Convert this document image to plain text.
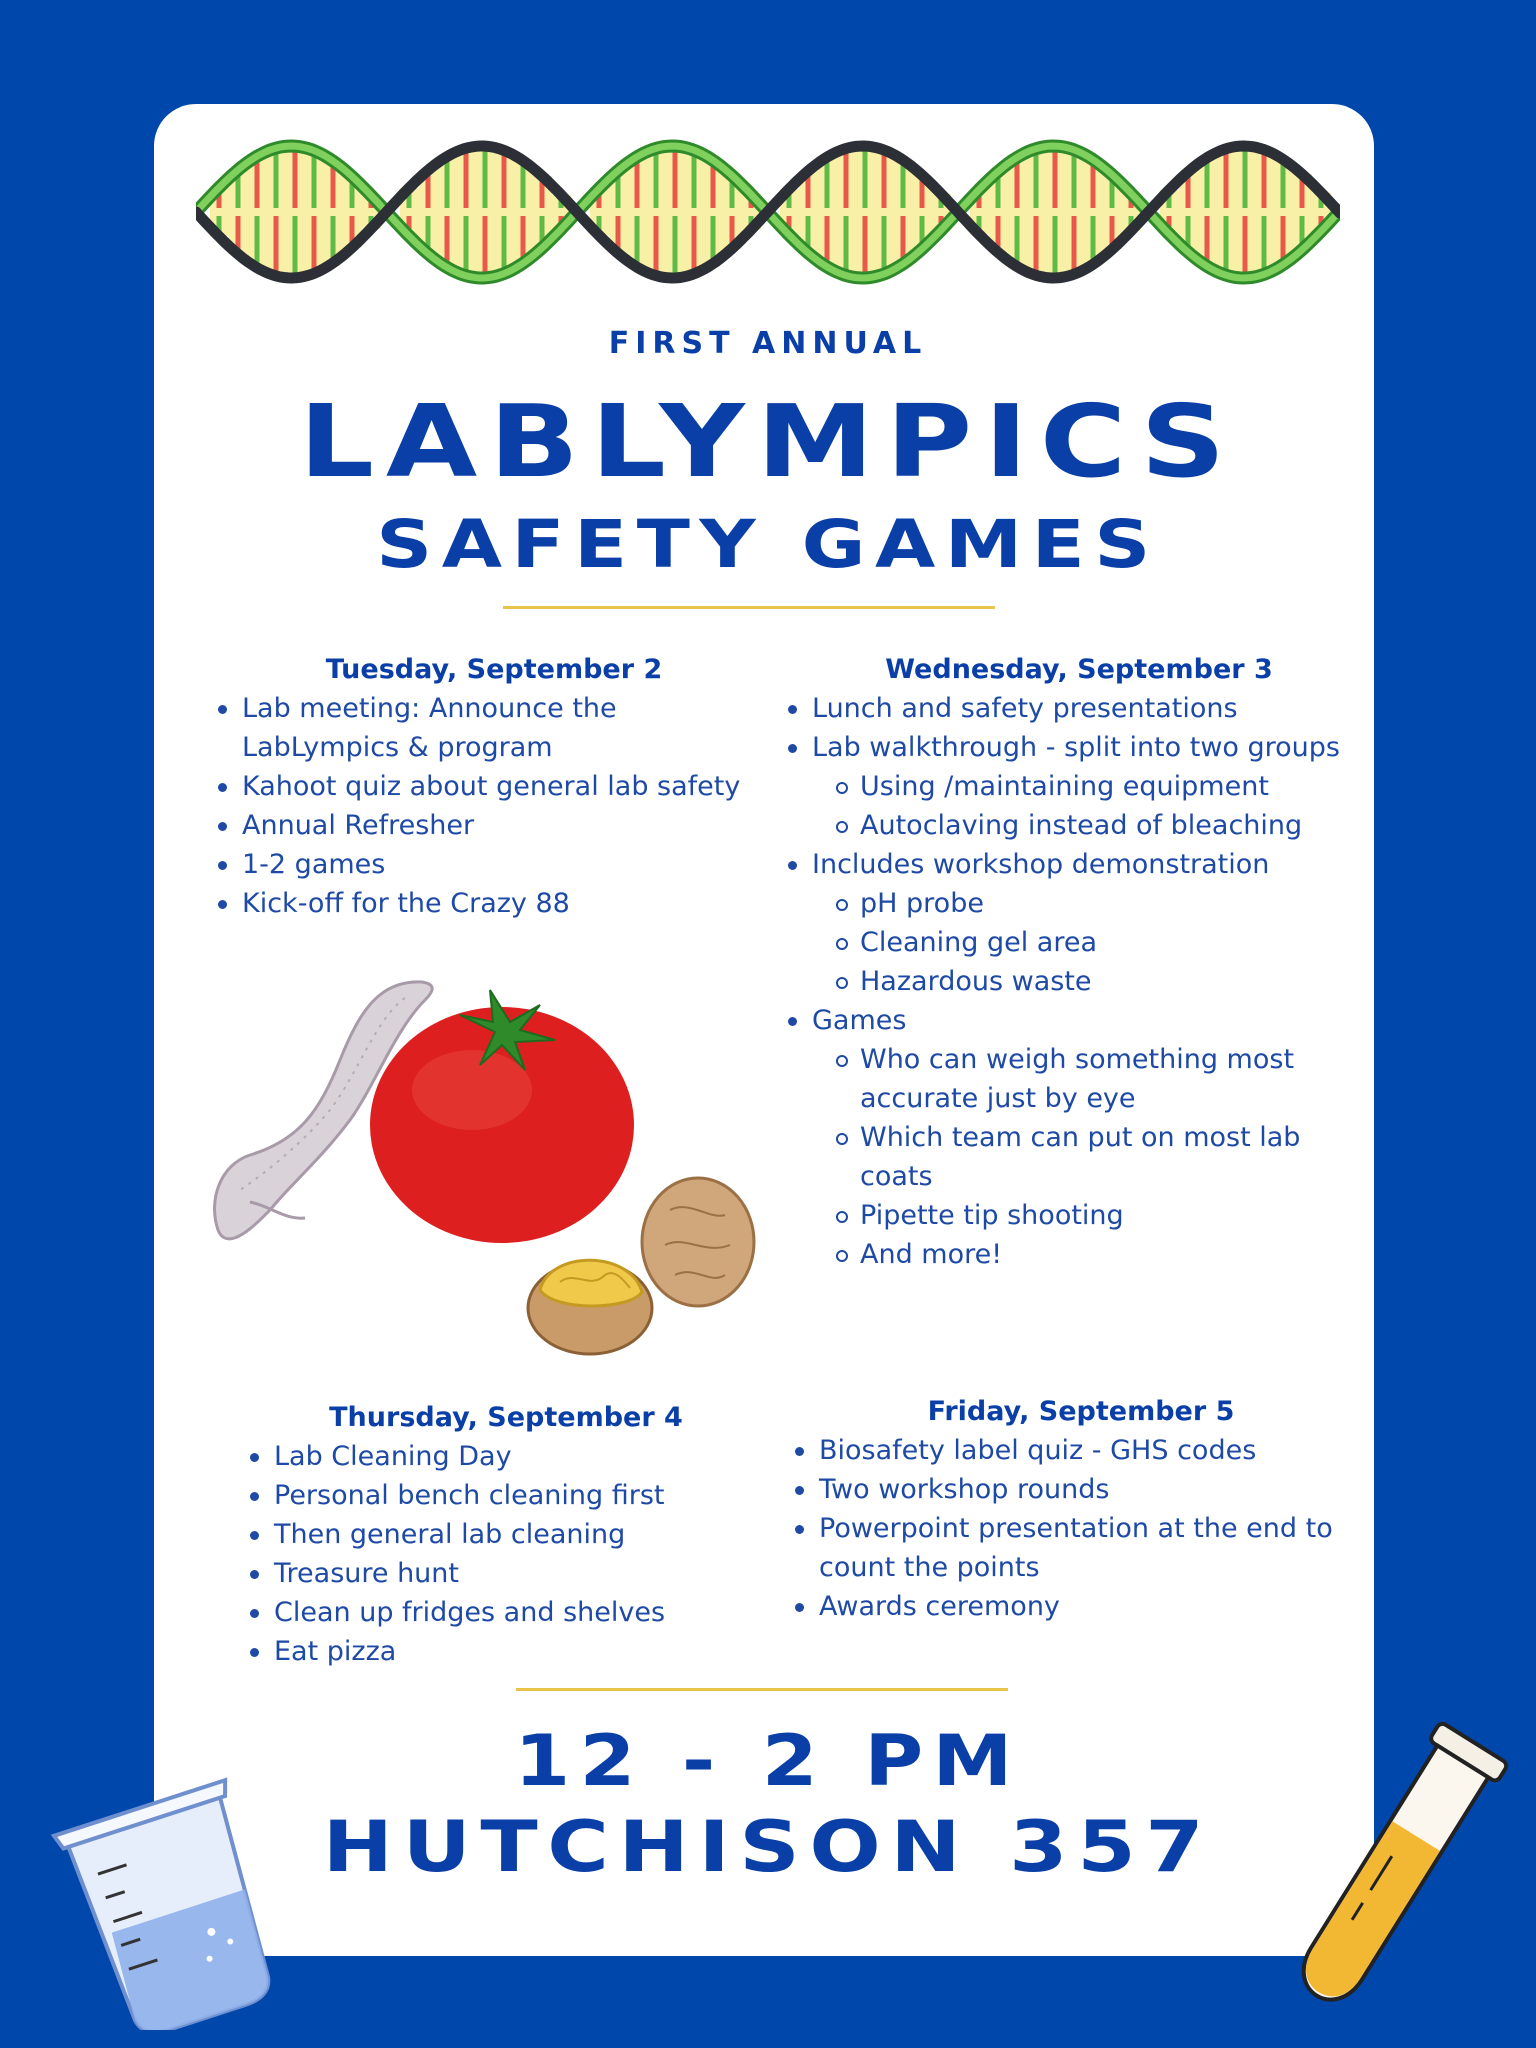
FIRST ANNUAL
LABLYMPICS
SAFETY GAMES
Tuesday, September 2
Lab meeting: Announce the
LabLympics & program
Kahoot quiz about general lab safety
Annual Refresher
1-2 games
Kick-off for the Crazy 88
Wednesday, September 3
Lunch and safety presentations
Lab walkthrough - split into two groups
Using /maintaining equipment
Autoclaving instead of bleaching
Includes workshop demonstration
pH probe
Cleaning gel area
Hazardous waste
Games
Who can weigh something most
accurate just by eye
Which team can put on most lab
coats
Pipette tip shooting
And more!
Thursday, September 4
Lab Cleaning Day
Personal bench cleaning first
Then general lab cleaning
Treasure hunt
Clean up fridges and shelves
Eat pizza
Friday, September 5
Biosafety label quiz - GHS codes
Two workshop rounds
Powerpoint presentation at the end to
count the points
Awards ceremony
12 - 2 PM
HUTCHISON 357
